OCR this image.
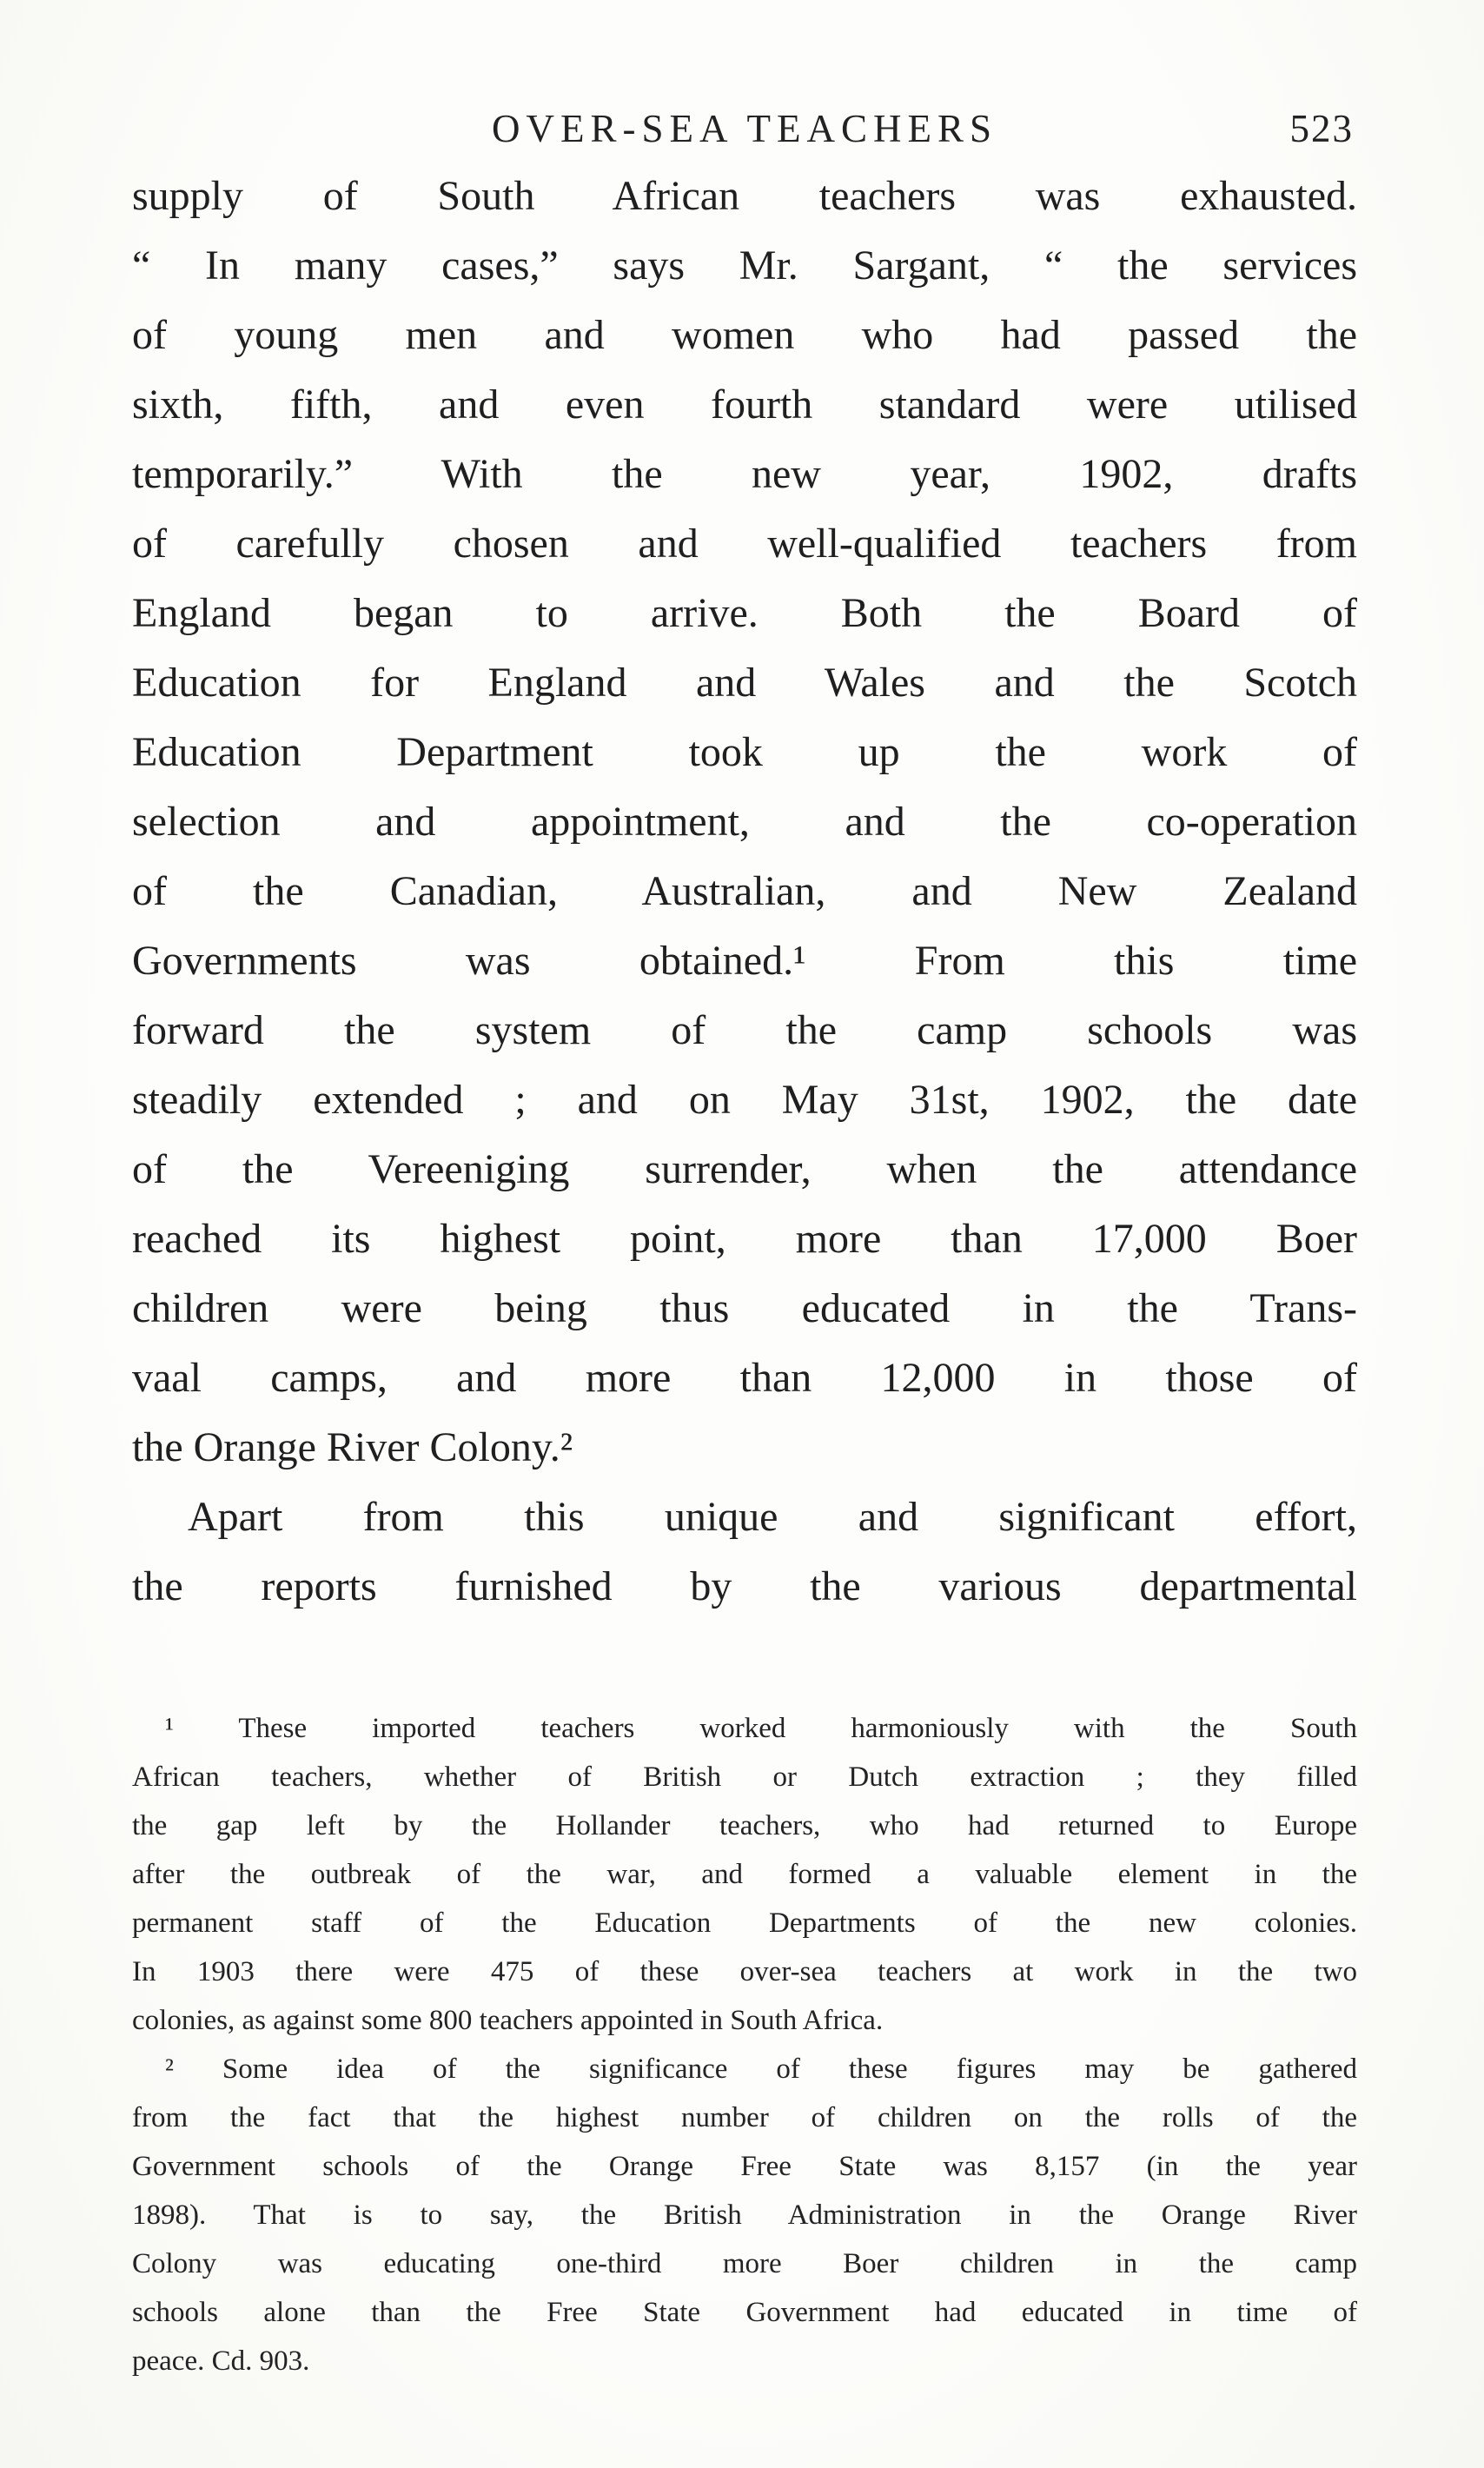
OVER-SEA TEACHERS	523
supply of South African teachers was exhausted.
“ In many cases,” says Mr. Sargant, “ the services
of young men and women who had passed the
sixth, fifth, and even fourth standard were utilised
temporarily.” With the new year, 1902, drafts
of carefully chosen and well-qualified teachers from
England began to arrive. Both the Board of
Education for England and Wales and the Scotch
Education Department took up the work of
selection and appointment, and the co-operation
of the Canadian, Australian, and New Zealand
Governments was obtained.¹ From this time
forward the system of the camp schools was
steadily extended ; and on May 31st, 1902, the date
of the Vereeniging surrender, when the attendance
reached its highest point, more than 17,000 Boer
children were being thus educated in the Trans-
vaal camps, and more than 12,000 in those of
the Orange River Colony.²
Apart from this unique and significant effort,
the reports furnished by the various departmental
¹ These imported teachers worked harmoniously with the South
African teachers, whether of British or Dutch extraction ; they filled
the gap left by the Hollander teachers, who had returned to Europe
after the outbreak of the war, and formed a valuable element in the
permanent staff of the Education Departments of the new colonies.
In 1903 there were 475 of these over-sea teachers at work in the two
colonies, as against some 800 teachers appointed in South Africa.
² Some idea of the significance of these figures may be gathered
from the fact that the highest number of children on the rolls of the
Government schools of the Orange Free State was 8,157 (in the year
1898). That is to say, the British Administration in the Orange River
Colony was educating one-third more Boer children in the camp
schools alone than the Free State Government had educated in time of
peace. Cd. 903.
